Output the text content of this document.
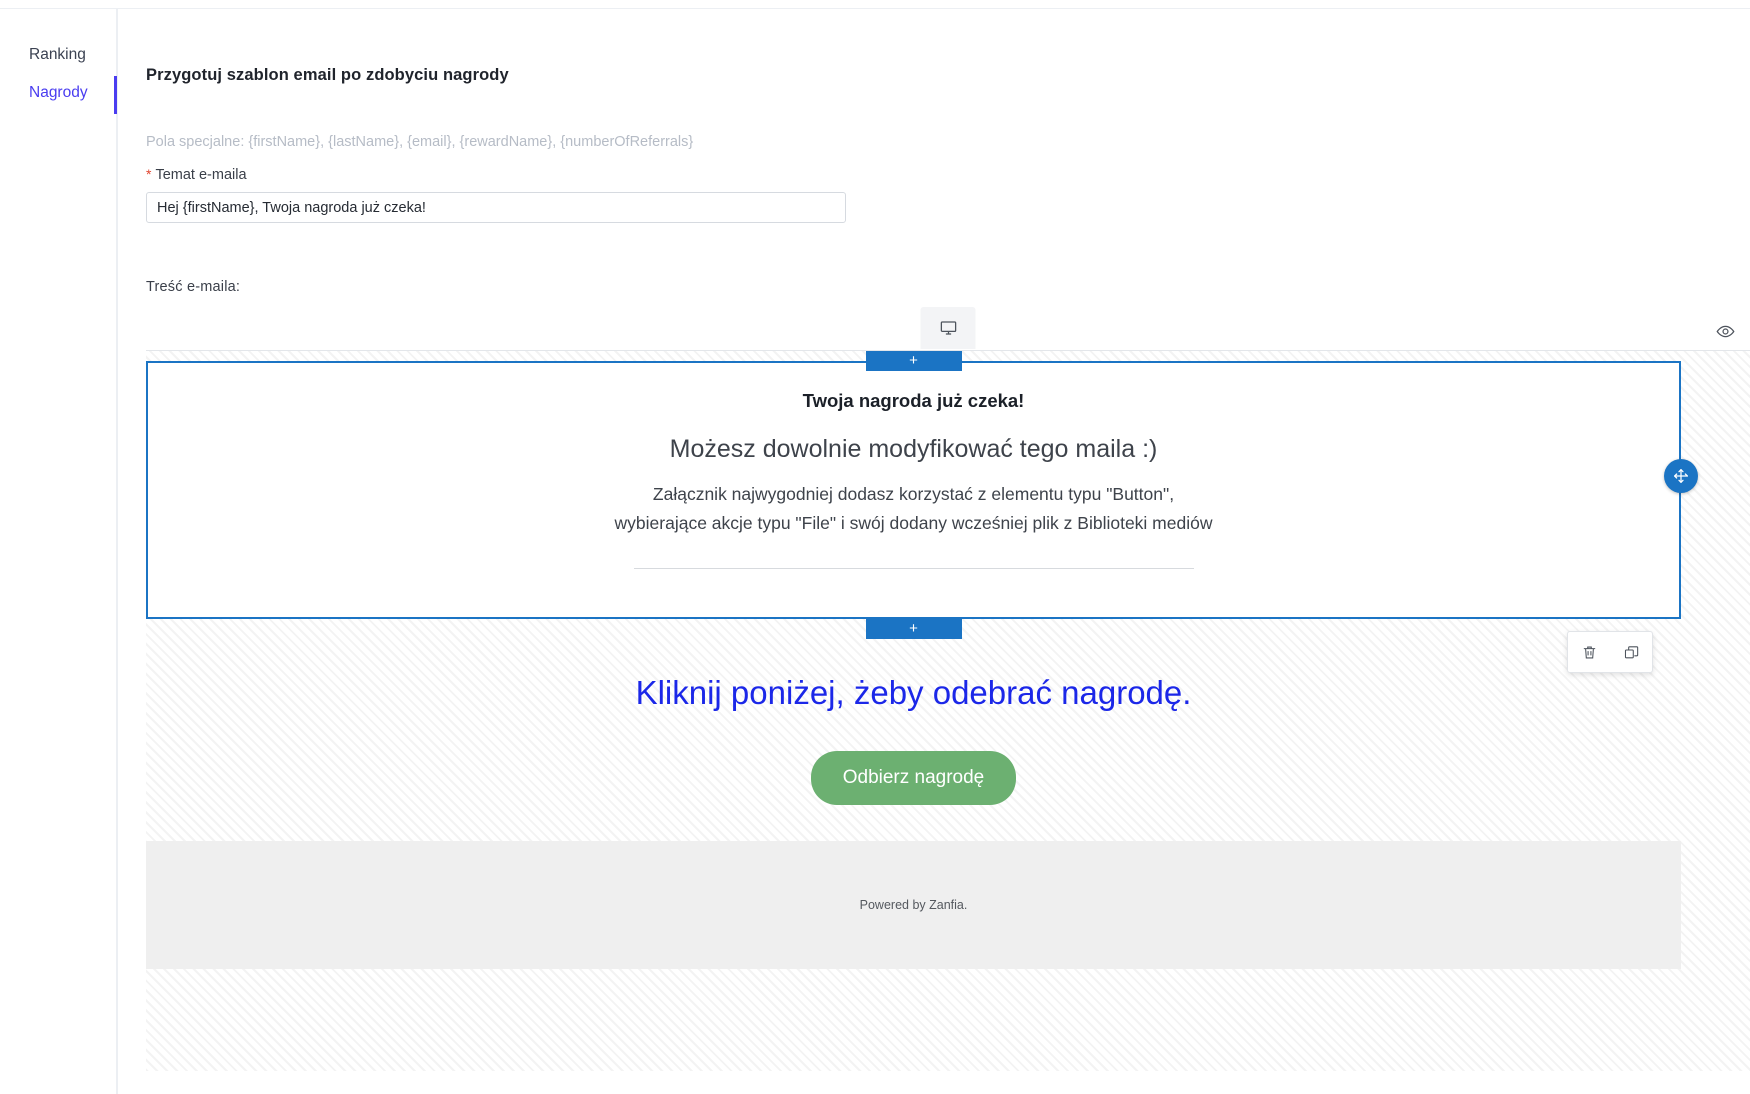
Ranking
Nagrody
Przygotuj szablon email po zdobyciu nagrody
Pola specjalne: {firstName}, {lastName}, {email}, {rewardName}, {numberOfReferrals}
* Temat e-maila
Hej {firstName}, Twoja nagroda już czeka!
Treść e-maila:
+
Twoja nagroda już czeka!
Możesz dowolnie modyfikować tego maila :)
Załącznik najwygodniej dodasz korzystać z elementu typu "Button", wybierające akcje typu "File" i swój dodany wcześniej plik z Biblioteki mediów
+
Kliknij poniżej, żeby odebrać nagrodę.
Odbierz nagrodę
Powered by Zanfia.
